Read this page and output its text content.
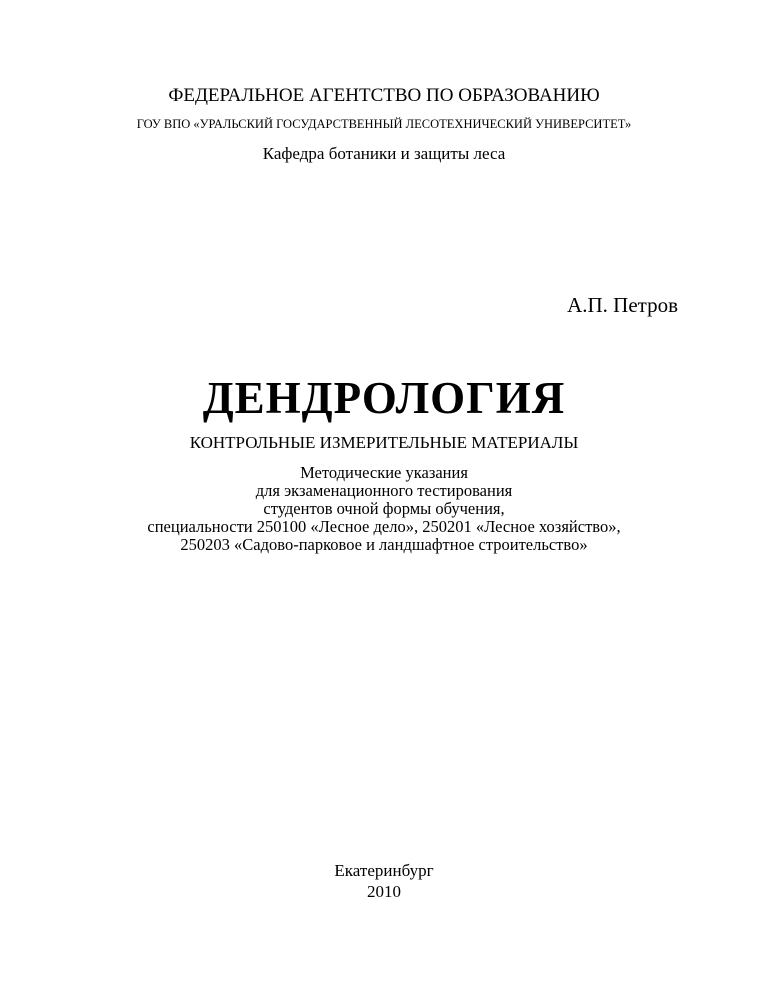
ФЕДЕРАЛЬНОЕ АГЕНТСТВО ПО ОБРАЗОВАНИЮ
ГОУ ВПО «УРАЛЬСКИЙ ГОСУДАРСТВЕННЫЙ ЛЕСОТЕХНИЧЕСКИЙ УНИВЕРСИТЕТ»
Кафедра ботаники и защиты леса
А.П. Петров
ДЕНДРОЛОГИЯ
КОНТРОЛЬНЫЕ ИЗМЕРИТЕЛЬНЫЕ МАТЕРИАЛЫ
Методические указания
для экзаменационного тестирования
студентов очной формы обучения,
специальности 250100 «Лесное дело», 250201 «Лесное хозяйство»,
250203 «Садово-парковое и ландшафтное строительство»
Екатеринбург
2010
